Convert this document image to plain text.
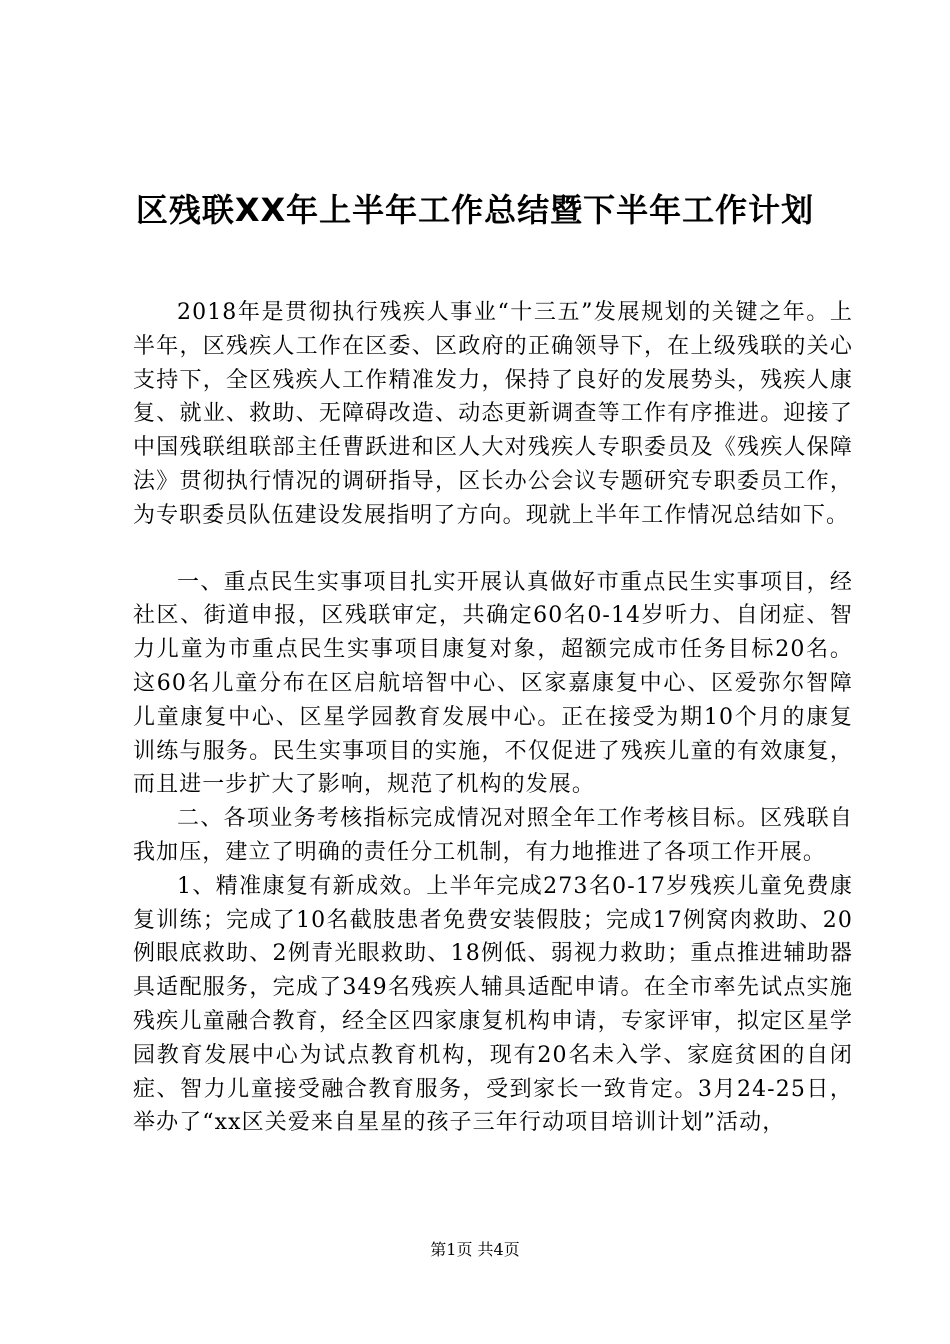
区残联XX年上半年工作总结暨下半年工作计划

2018年是贯彻执行残疾人事业“十三五”发展规划的关键之年。上半年，区残疾人工作在区委、区政府的正确领导下，在上级残联的关心支持下，全区残疾人工作精准发力，保持了良好的发展势头，残疾人康复、就业、救助、无障碍改造、动态更新调查等工作有序推进。迎接了中国残联组联部主任曹跃进和区人大对残疾人专职委员及《残疾人保障法》贯彻执行情况的调研指导，区长办公会议专题研究专职委员工作，为专职委员队伍建设发展指明了方向。现就上半年工作情况总结如下。

一、重点民生实事项目扎实开展认真做好市重点民生实事项目，经社区、街道申报，区残联审定，共确定60名0-14岁听力、自闭症、智力儿童为市重点民生实事项目康复对象，超额完成市任务目标20名。这60名儿童分布在区启航培智中心、区家嘉康复中心、区爱弥尔智障儿童康复中心、区星学园教育发展中心。正在接受为期10个月的康复训练与服务。民生实事项目的实施，不仅促进了残疾儿童的有效康复，而且进一步扩大了影响，规范了机构的发展。

二、各项业务考核指标完成情况对照全年工作考核目标。区残联自我加压，建立了明确的责任分工机制，有力地推进了各项工作开展。

1、精准康复有新成效。上半年完成273名0-17岁残疾儿童免费康复训练；完成了10名截肢患者免费安装假肢；完成17例窝肉救助、20例眼底救助、2例青光眼救助、18例低、弱视力救助；重点推进辅助器具适配服务，完成了349名残疾人辅具适配申请。在全市率先试点实施残疾儿童融合教育，经全区四家康复机构申请，专家评审，拟定区星学园教育发展中心为试点教育机构，现有20名未入学、家庭贫困的自闭症、智力儿童接受融合教育服务，受到家长一致肯定。3月24-25日，举办了“xx区关爱来自星星的孩子三年行动项目培训计划”活动，

第1页 共4页
